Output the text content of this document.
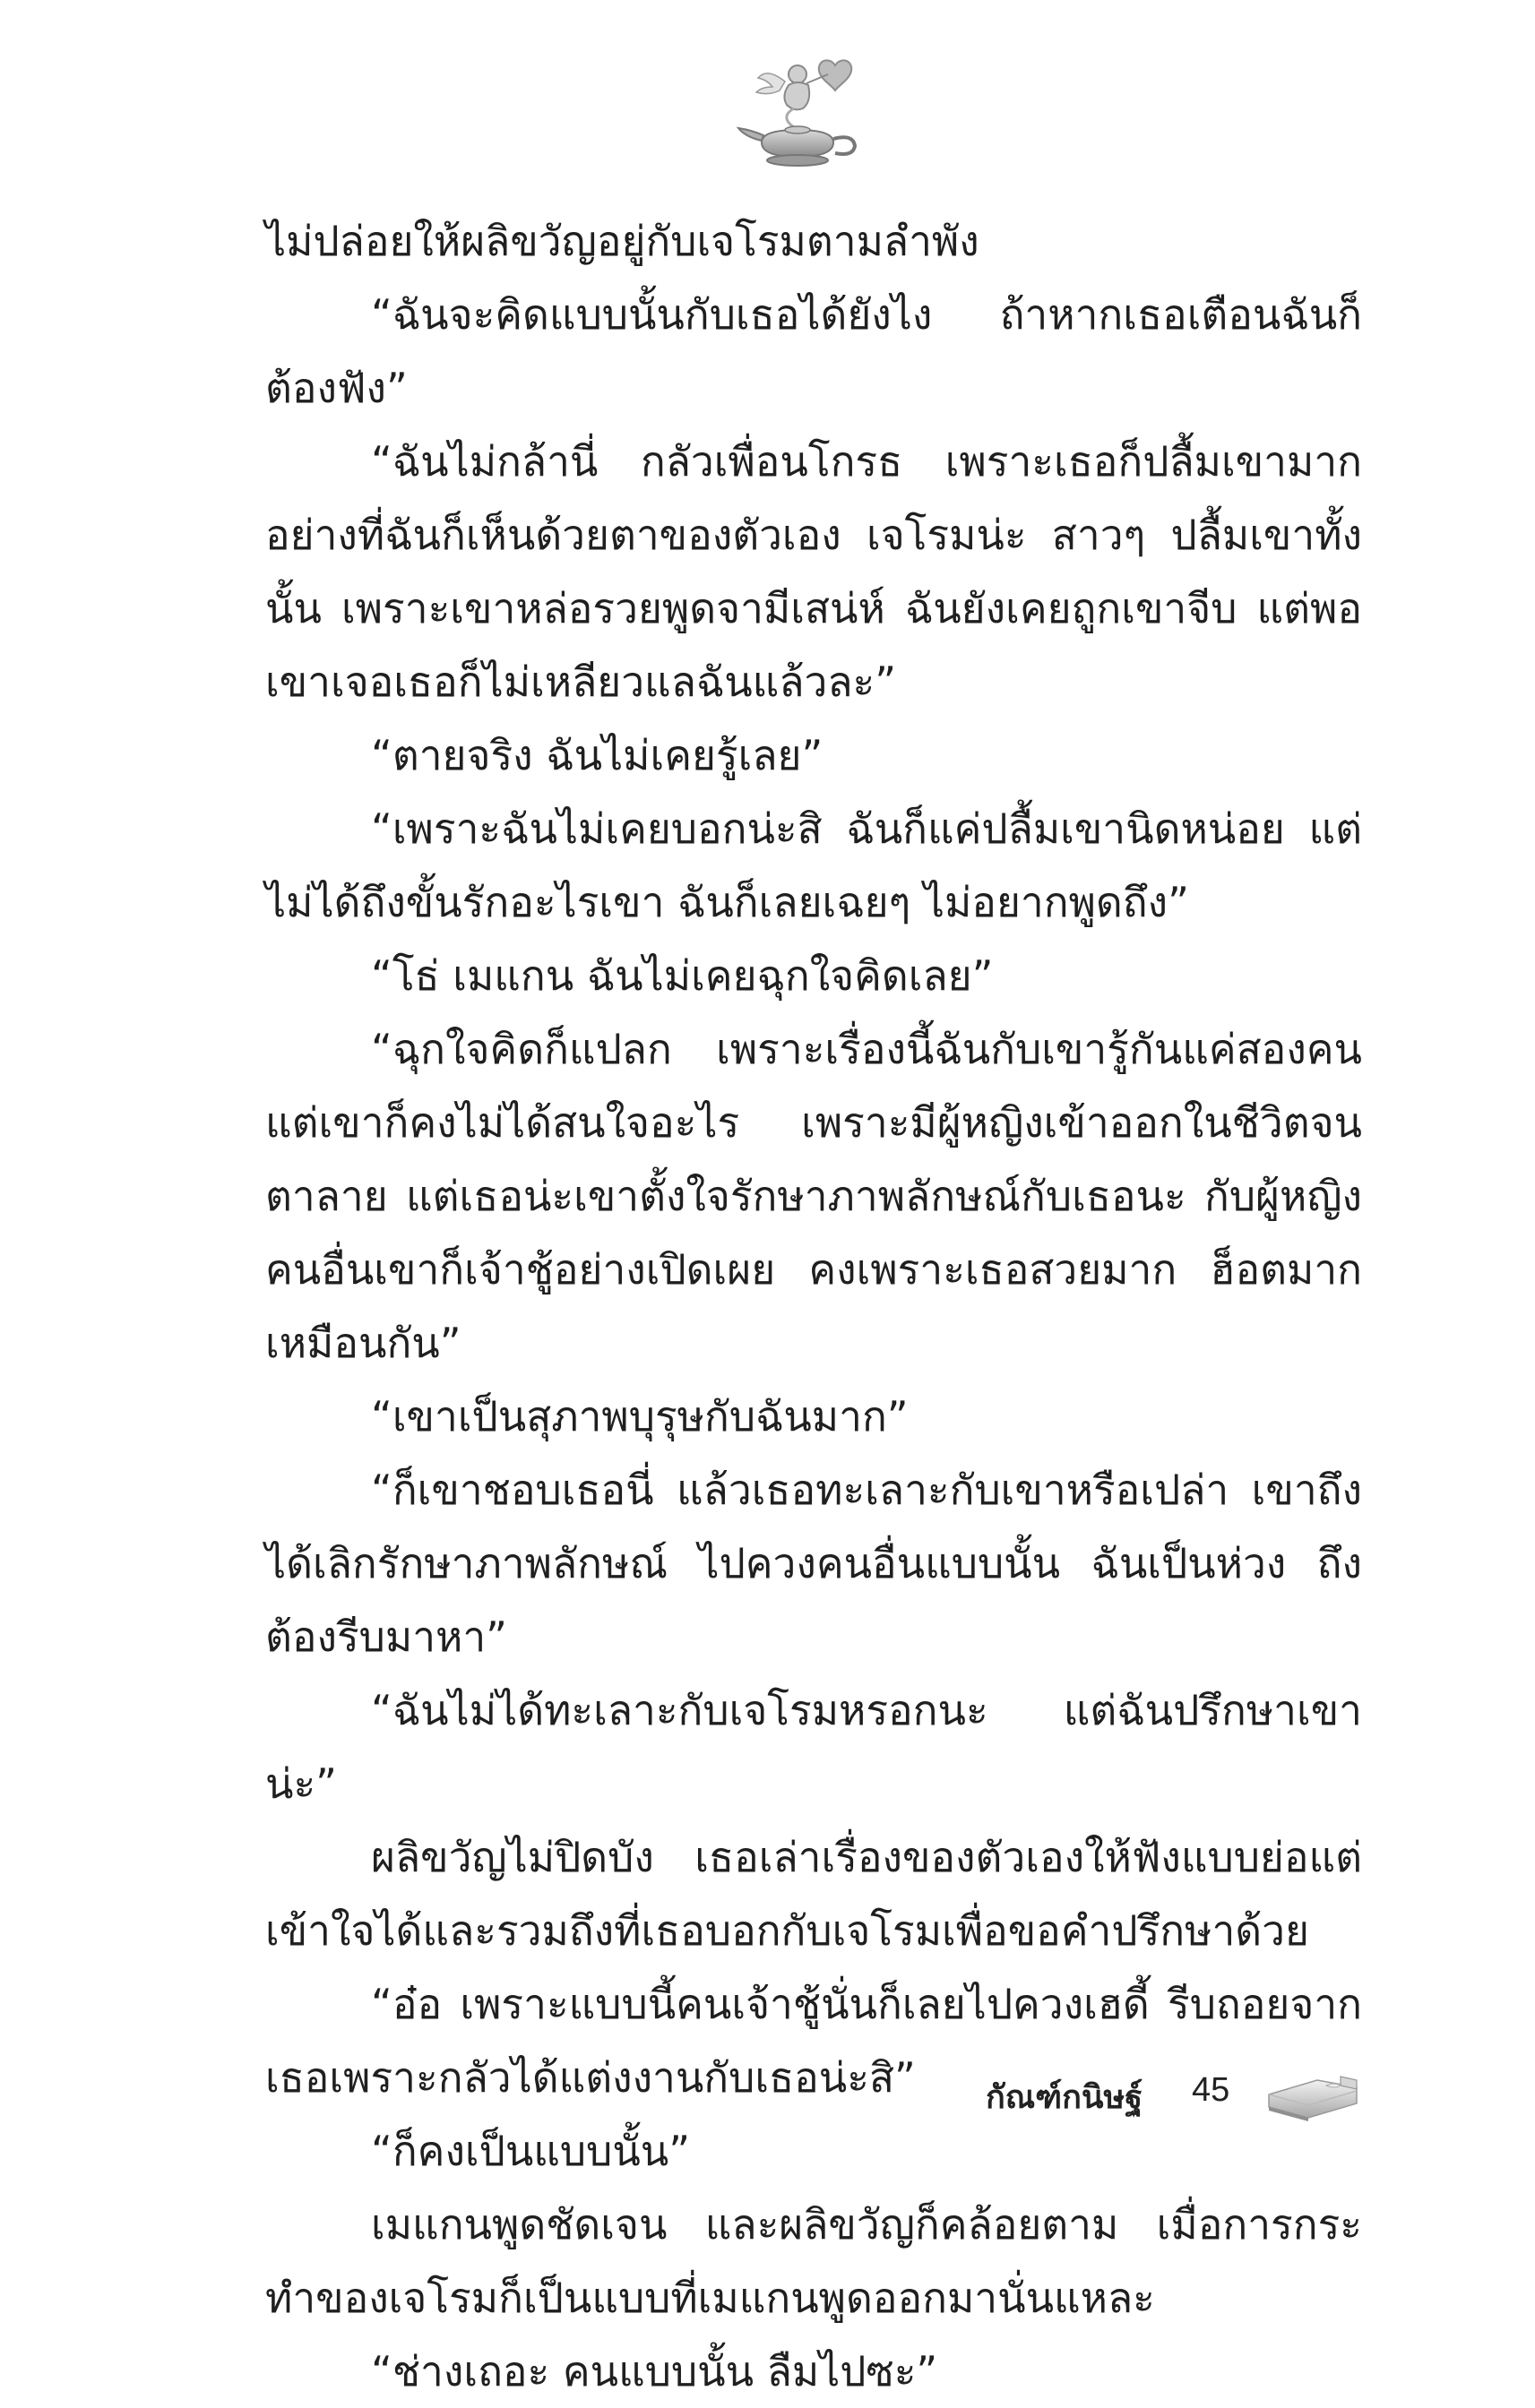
ไม่ปล่อยให้ผลิขวัญอยู่กับเจโรมตามลำพัง

“ฉันจะคิดแบบนั้นกับเธอได้ยังไง ถ้าหากเธอเตือนฉันก็ต้องฟัง”

“ฉันไม่กล้านี่ กลัวเพื่อนโกรธ เพราะเธอก็ปลื้มเขามากอย่างที่ฉันก็เห็นด้วยตาของตัวเอง เจโรมน่ะ สาวๆ ปลื้มเขาทั้งนั้น เพราะเขาหล่อรวยพูดจามีเสน่ห์ ฉันยังเคยถูกเขาจีบ แต่พอเขาเจอเธอก็ไม่เหลียวแลฉันแล้วละ”

“ตายจริง ฉันไม่เคยรู้เลย”

“เพราะฉันไม่เคยบอกน่ะสิ ฉันก็แค่ปลื้มเขานิดหน่อย แต่ไม่ได้ถึงขั้นรักอะไรเขา ฉันก็เลยเฉยๆ ไม่อยากพูดถึง”

“โธ่ เมแกน ฉันไม่เคยฉุกใจคิดเลย”

“ฉุกใจคิดก็แปลก เพราะเรื่องนี้ฉันกับเขารู้กันแค่สองคน แต่เขาก็คงไม่ได้สนใจอะไร เพราะมีผู้หญิงเข้าออกในชีวิตจนตาลาย แต่เธอน่ะเขาตั้งใจรักษาภาพลักษณ์กับเธอนะ กับผู้หญิงคนอื่นเขาก็เจ้าชู้อย่างเปิดเผย คงเพราะเธอสวยมาก ฮ็อตมากเหมือนกัน”

“เขาเป็นสุภาพบุรุษกับฉันมาก”

“ก็เขาชอบเธอนี่ แล้วเธอทะเลาะกับเขาหรือเปล่า เขาถึงได้เลิกรักษาภาพลักษณ์ ไปควงคนอื่นแบบนั้น ฉันเป็นห่วง ถึงต้องรีบมาหา”

“ฉันไม่ได้ทะเลาะกับเจโรมหรอกนะ แต่ฉันปรึกษาเขาน่ะ”

ผลิขวัญไม่ปิดบัง เธอเล่าเรื่องของตัวเองให้ฟังแบบย่อแต่เข้าใจได้และรวมถึงที่เธอบอกกับเจโรมเพื่อขอคำปรึกษาด้วย

“อ๋อ เพราะแบบนี้คนเจ้าชู้นั่นก็เลยไปควงเฮดี้ รีบถอยจากเธอเพราะกลัวได้แต่งงานกับเธอน่ะสิ”

“ก็คงเป็นแบบนั้น”

เมแกนพูดชัดเจน และผลิขวัญก็คล้อยตาม เมื่อการกระทำของเจโรมก็เป็นแบบที่เมแกนพูดออกมานั่นแหละ

“ช่างเถอะ คนแบบนั้น ลืมไปซะ”

กัณฑ์กนิษฐ์ 45
